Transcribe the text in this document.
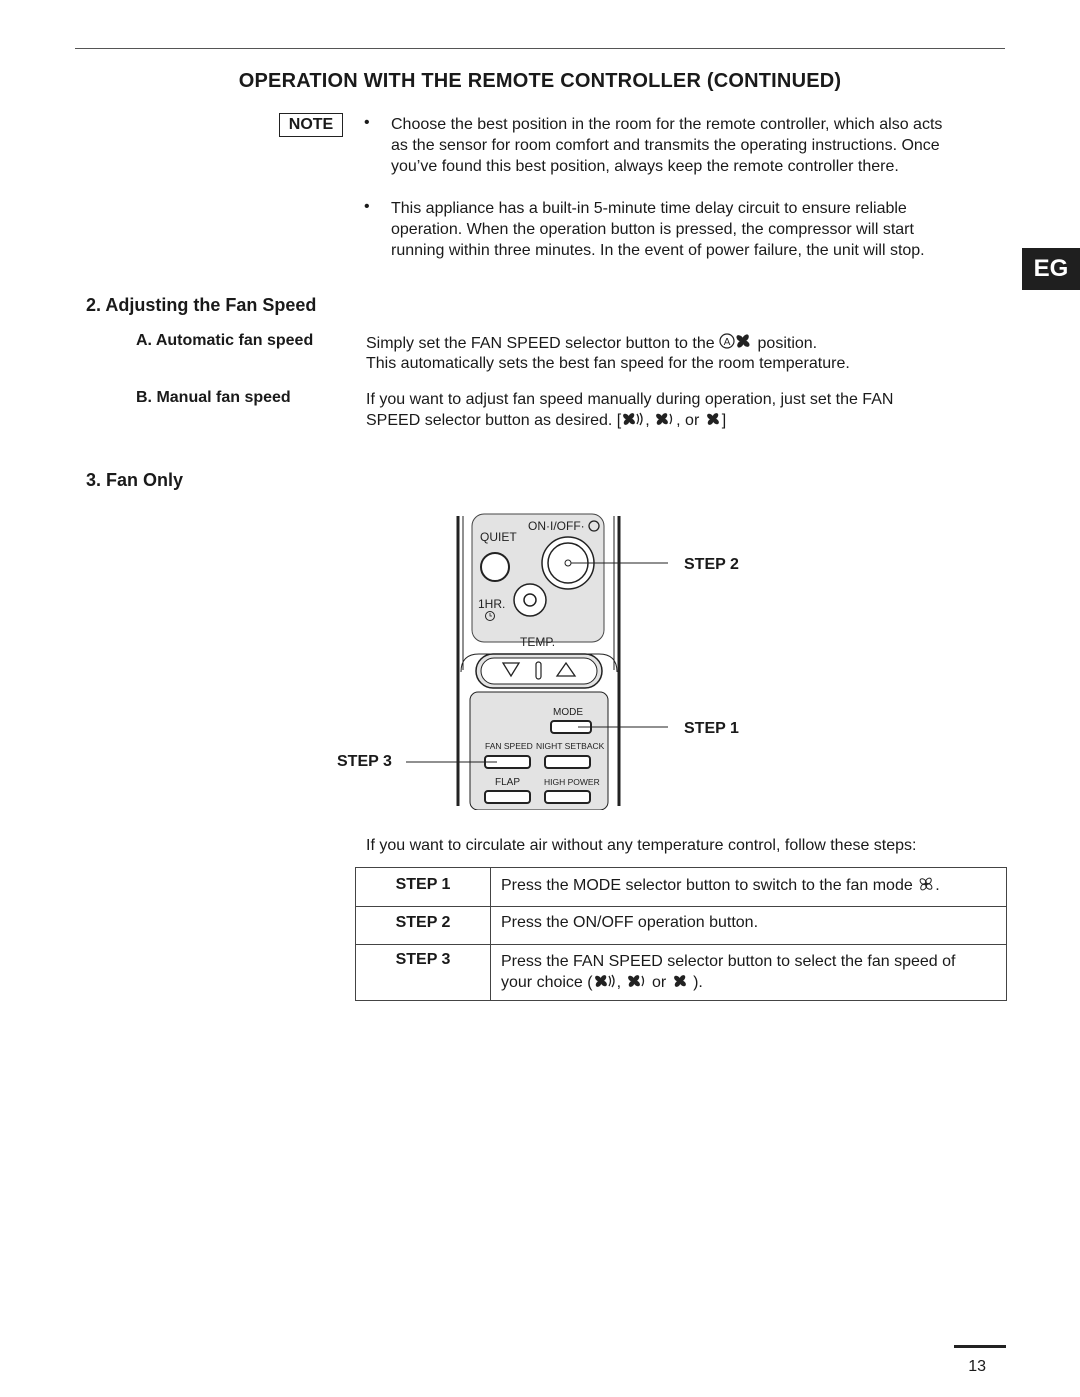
OPERATION WITH THE REMOTE CONTROLLER (CONTINUED)
EG
NOTE	• Choose the best position in the room for the remote controller, which also acts
as the sensor for room comfort and transmits the operating instructions. Once
you’ve found this best position, always keep the remote controller there.
• This appliance has a built-in 5-minute time delay circuit to ensure reliable
operation. When the operation button is pressed, the compressor will start
running within three minutes. In the event of power failure, the unit will stop.
2. Adjusting the Fan Speed
A. Automatic fan speed	Simply set the FAN SPEED selector button to the A position.
This automatically sets the best fan speed for the room temperature.
B. Manual fan speed	If you want to adjust fan speed manually during operation, just set the FAN
SPEED selector button as desired. [ , , or ]
3. Fan Only
QUIET
ON·I/OFF·
1HR.
TEMP.
MODE
FAN SPEED NIGHT SETBACK
FLAP	HIGH POWER
STEP 2
STEP 1
STEP 3
If you want to circulate air without any temperature control, follow these steps:
STEP 1	Press the MODE selector button to switch to the fan mode .
STEP 2	Press the ON/OFF operation button.
STEP 3	Press the FAN SPEED selector button to select the fan speed of
your choice ( , or ).
13
